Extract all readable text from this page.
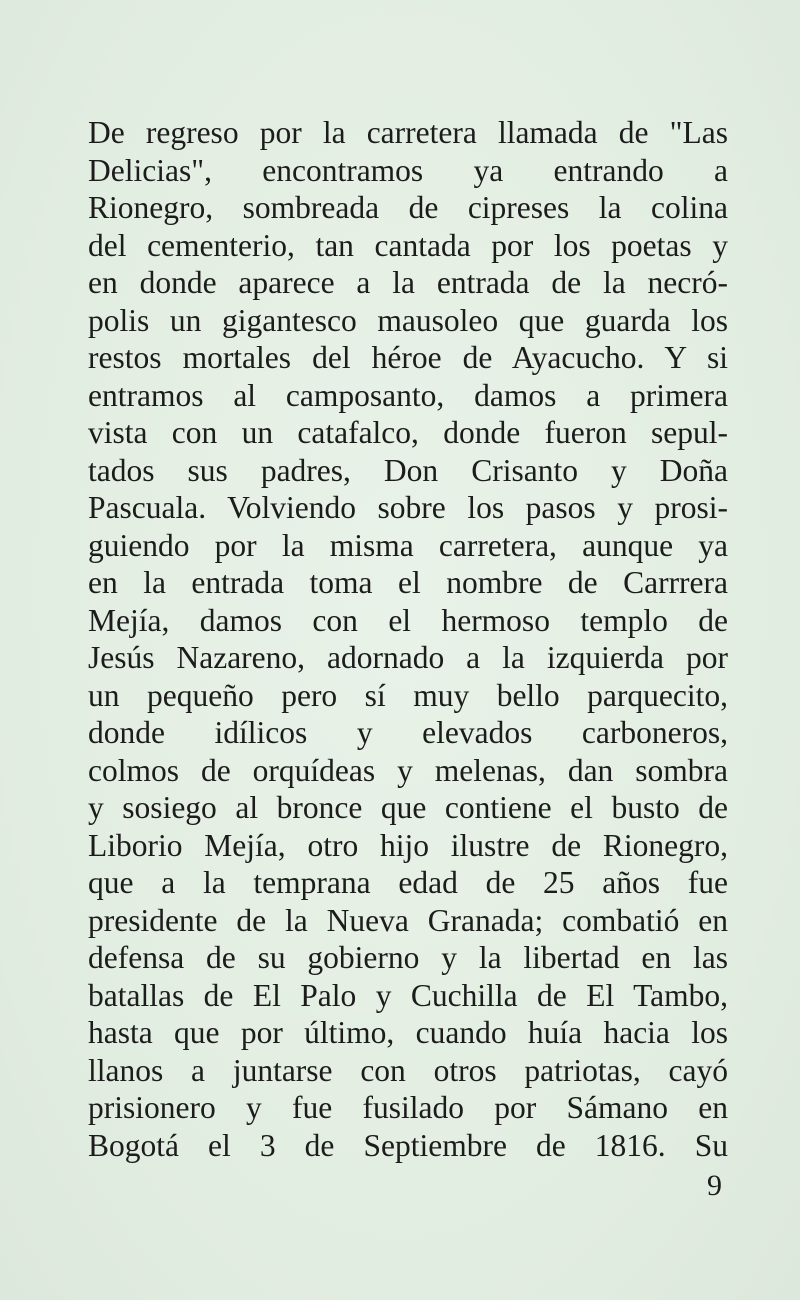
De regreso por la carretera llamada de "Las
Delicias", encontramos ya entrando a
Rionegro, sombreada de cipreses la colina
del cementerio, tan cantada por los poetas y
en donde aparece a la entrada de la necró-
polis un gigantesco mausoleo que guarda los
restos mortales del héroe de Ayacucho. Y si
entramos al camposanto, damos a primera
vista con un catafalco, donde fueron sepul-
tados sus padres, Don Crisanto y Doña
Pascuala. Volviendo sobre los pasos y prosi-
guiendo por la misma carretera, aunque ya
en la entrada toma el nombre de Carrrera
Mejía, damos con el hermoso templo de
Jesús Nazareno, adornado a la izquierda por
un pequeño pero sí muy bello parquecito,
donde idílicos y elevados carboneros,
colmos de orquídeas y melenas, dan sombra
y sosiego al bronce que contiene el busto de
Liborio Mejía, otro hijo ilustre de Rionegro,
que a la temprana edad de 25 años fue
presidente de la Nueva Granada; combatió en
defensa de su gobierno y la libertad en las
batallas de El Palo y Cuchilla de El Tambo,
hasta que por último, cuando huía hacia los
llanos a juntarse con otros patriotas, cayó
prisionero y fue fusilado por Sámano en
Bogotá el 3 de Septiembre de 1816. Su
9
